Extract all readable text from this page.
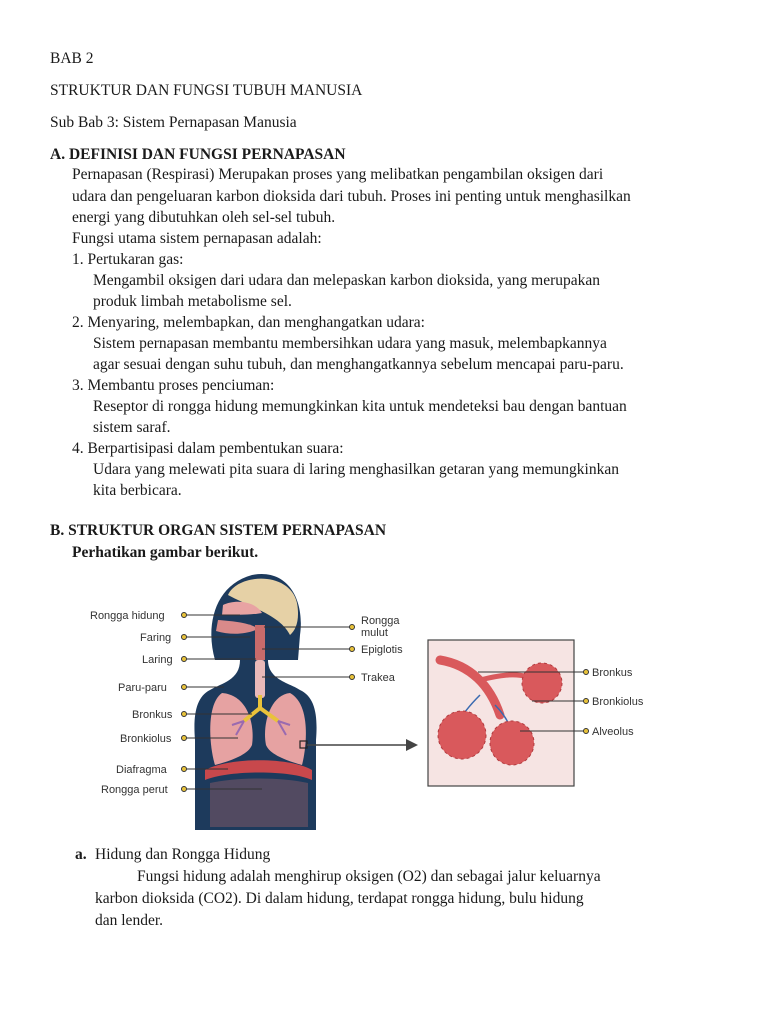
BAB 2
STRUKTUR DAN FUNGSI TUBUH MANUSIA
Sub Bab 3: Sistem Pernapasan Manusia
A. DEFINISI DAN FUNGSI PERNAPASAN
Pernapasan (Respirasi) Merupakan proses yang melibatkan pengambilan oksigen dari
udara dan pengeluaran karbon dioksida dari tubuh. Proses ini penting untuk menghasilkan
energi yang dibutuhkan oleh sel-sel tubuh.
Fungsi utama sistem pernapasan adalah:
1. Pertukaran gas:
Mengambil oksigen dari udara dan melepaskan karbon dioksida, yang merupakan
produk limbah metabolisme sel.
2. Menyaring, melembapkan, dan menghangatkan udara:
Sistem pernapasan membantu membersihkan udara yang masuk, melembapkannya
agar sesuai dengan suhu tubuh, dan menghangatkannya sebelum mencapai paru-paru.
3. Membantu proses penciuman:
Reseptor di rongga hidung memungkinkan kita untuk mendeteksi bau dengan bantuan
sistem saraf.
4. Berpartisipasi dalam pembentukan suara:
Udara yang melewati pita suara di laring menghasilkan getaran yang memungkinkan
kita berbicara.
B. STRUKTUR ORGAN SISTEM PERNAPASAN
Perhatikan gambar berikut.
Rongga hidung
Faring
Laring
Paru-paru
Bronkus
Bronkiolus
Diafragma
Rongga perut
Rongga
mulut
Epiglotis
Trakea	Bronkus
Bronkiolus
Alveolus
a. Hidung dan Rongga Hidung
Fungsi hidung adalah menghirup oksigen (O2) dan sebagai jalur keluarnya
karbon dioksida (CO2). Di dalam hidung, terdapat rongga hidung, bulu hidung
dan lender.
